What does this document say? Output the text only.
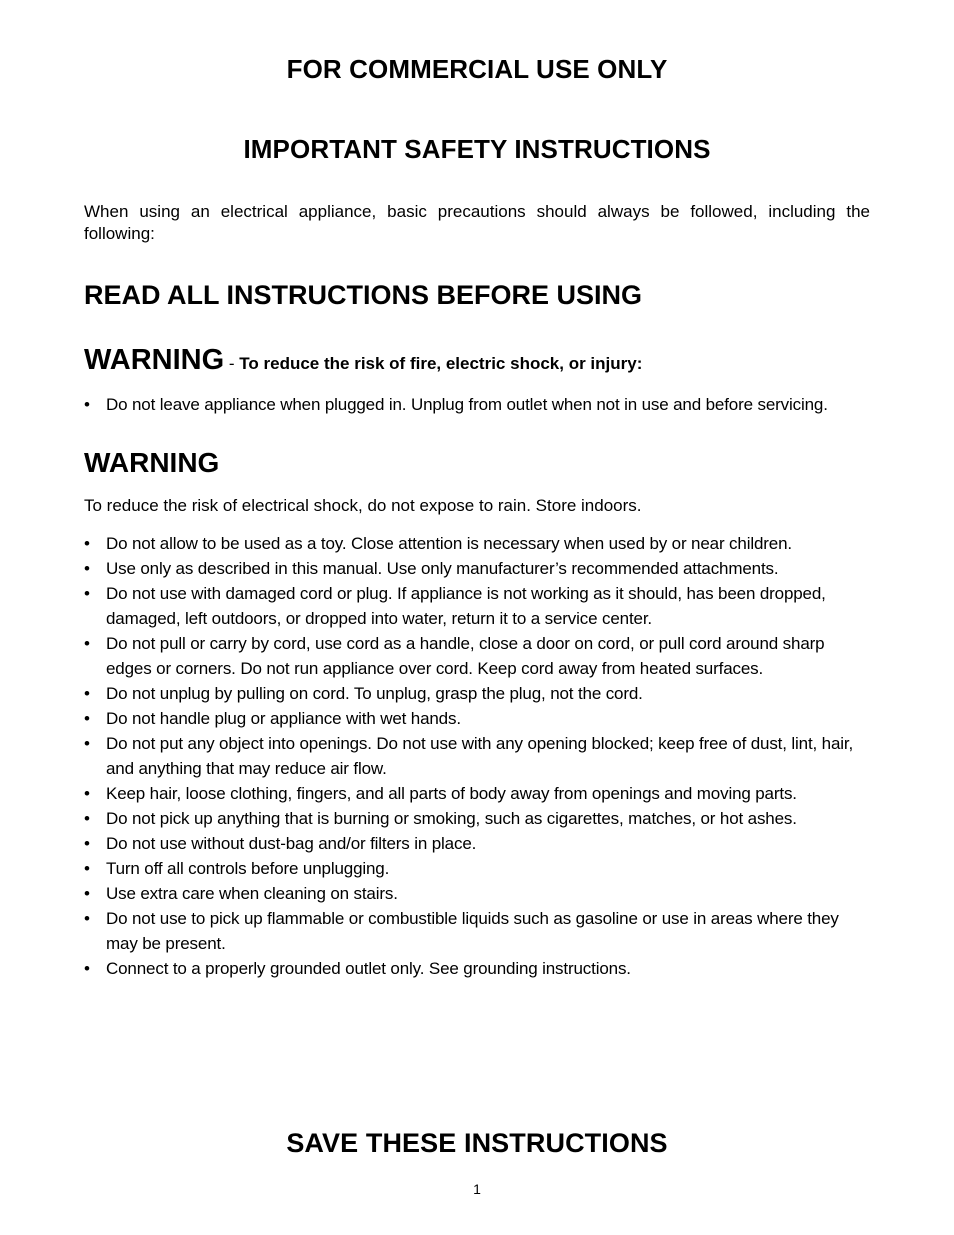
FOR COMMERCIAL USE ONLY
IMPORTANT SAFETY INSTRUCTIONS

When using an electrical appliance, basic precautions should always be followed, including the following:

READ ALL INSTRUCTIONS BEFORE USING
WARNING - To reduce the risk of fire, electric shock, or injury:
• Do not leave appliance when plugged in. Unplug from outlet when not in use and before servicing.
WARNING

To reduce the risk of electrical shock, do not expose to rain. Store indoors.

• Do not allow to be used as a toy. Close attention is necessary when used by or near children.
• Use only as described in this manual. Use only manufacturer’s recommended attachments.
• Do not use with damaged cord or plug. If appliance is not working as it should, has been dropped, damaged, left outdoors, or dropped into water, return it to a service center.
• Do not pull or carry by cord, use cord as a handle, close a door on cord, or pull cord around sharp edges or corners. Do not run appliance over cord. Keep cord away from heated surfaces.
• Do not unplug by pulling on cord. To unplug, grasp the plug, not the cord.
• Do not handle plug or appliance with wet hands.
• Do not put any object into openings. Do not use with any opening blocked; keep free of dust, lint, hair, and anything that may reduce air flow.
• Keep hair, loose clothing, fingers, and all parts of body away from openings and moving parts.
• Do not pick up anything that is burning or smoking, such as cigarettes, matches, or hot ashes.
• Do not use without dust-bag and/or filters in place.
• Turn off all controls before unplugging.
• Use extra care when cleaning on stairs.
• Do not use to pick up flammable or combustible liquids such as gasoline or use in areas where they may be present.
• Connect to a properly grounded outlet only. See grounding instructions.
SAVE THESE INSTRUCTIONS
1
